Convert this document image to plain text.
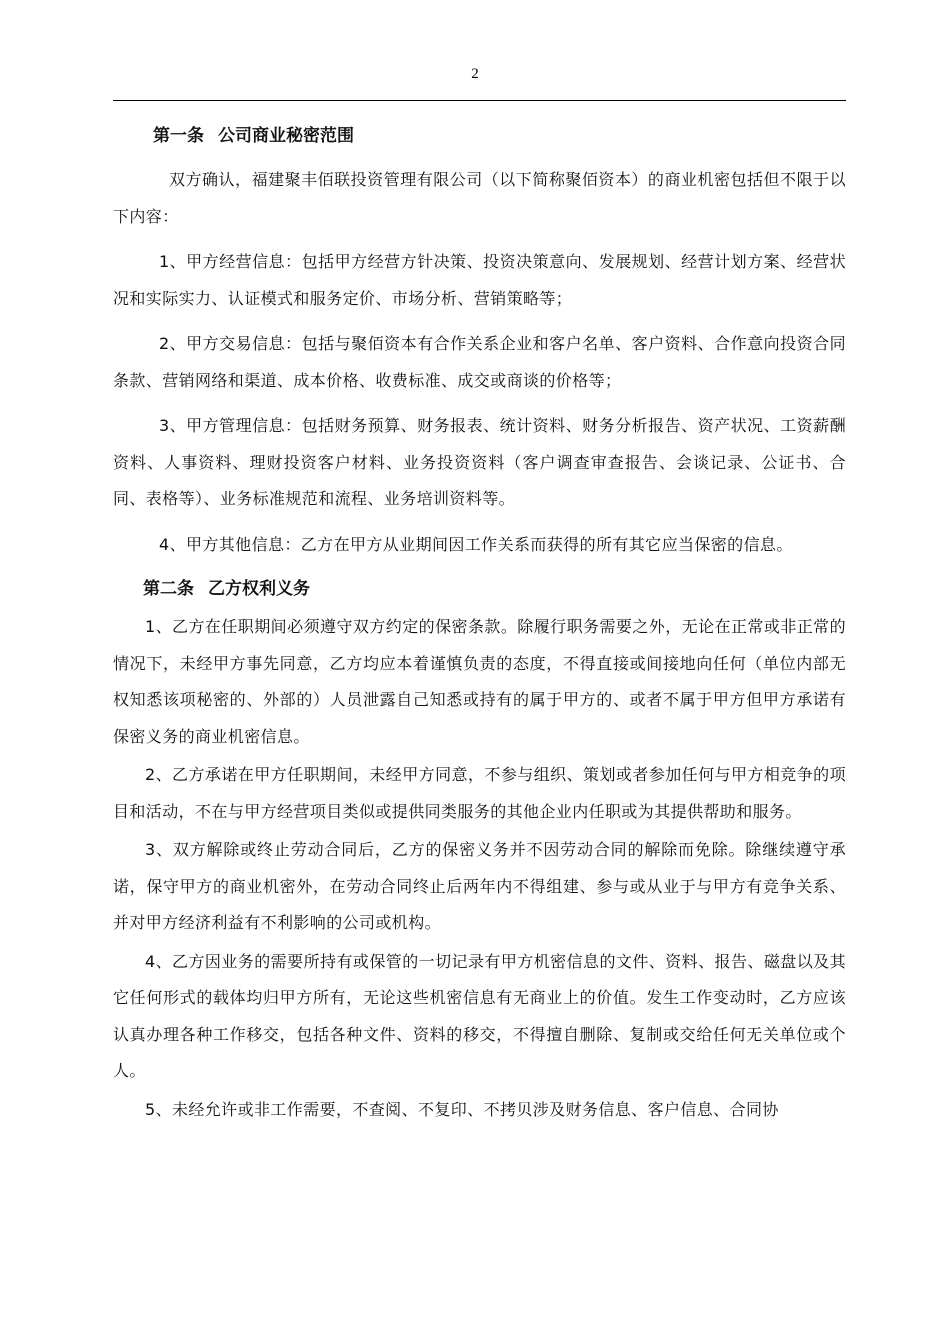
2
第一条 公司商业秘密范围

双方确认，福建聚丰佰联投资管理有限公司（以下简称聚佰资本）的商业机密包括但不限于以下内容：

1、甲方经营信息：包括甲方经营方针决策、投资决策意向、发展规划、经营计划方案、经营状况和实际实力、认证模式和服务定价、市场分析、营销策略等；

2、甲方交易信息：包括与聚佰资本有合作关系企业和客户名单、客户资料、合作意向投资合同条款、营销网络和渠道、成本价格、收费标准、成交或商谈的价格等；

3、甲方管理信息：包括财务预算、财务报表、统计资料、财务分析报告、资产状况、工资薪酬资料、人事资料、理财投资客户材料、业务投资资料（客户调查审查报告、会谈记录、公证书、合同、表格等）、业务标准规范和流程、业务培训资料等。

4、甲方其他信息：乙方在甲方从业期间因工作关系而获得的所有其它应当保密的信息。

第二条 乙方权利义务

1、乙方在任职期间必须遵守双方约定的保密条款。除履行职务需要之外，无论在正常或非正常的情况下，未经甲方事先同意，乙方均应本着谨慎负责的态度，不得直接或间接地向任何（单位内部无权知悉该项秘密的、外部的）人员泄露自己知悉或持有的属于甲方的、或者不属于甲方但甲方承诺有保密义务的商业机密信息。

2、乙方承诺在甲方任职期间，未经甲方同意，不参与组织、策划或者参加任何与甲方相竞争的项目和活动，不在与甲方经营项目类似或提供同类服务的其他企业内任职或为其提供帮助和服务。

3、双方解除或终止劳动合同后，乙方的保密义务并不因劳动合同的解除而免除。除继续遵守承诺，保守甲方的商业机密外，在劳动合同终止后两年内不得组建、参与或从业于与甲方有竞争关系、并对甲方经济利益有不利影响的公司或机构。

4、乙方因业务的需要所持有或保管的一切记录有甲方机密信息的文件、资料、报告、磁盘以及其它任何形式的载体均归甲方所有，无论这些机密信息有无商业上的价值。发生工作变动时，乙方应该认真办理各种工作移交，包括各种文件、资料的移交，不得擅自删除、复制或交给任何无关单位或个人。

5、未经允许或非工作需要，不查阅、不复印、不拷贝涉及财务信息、客户信息、合同协
